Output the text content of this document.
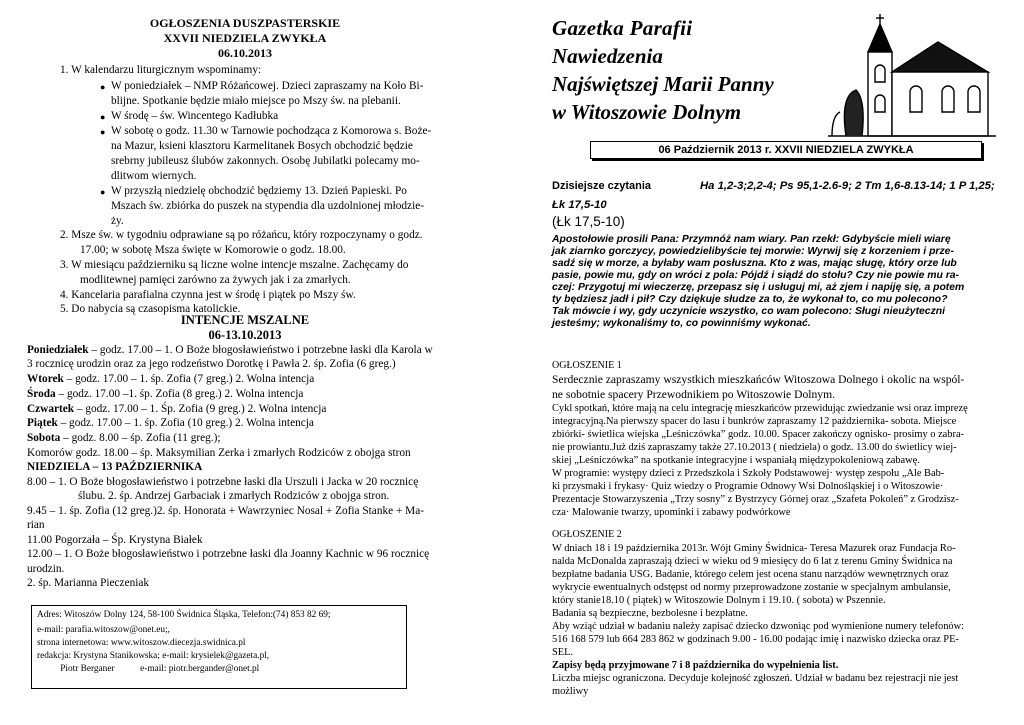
OGŁOSZENIA DUSZPASTERSKIE
XXVII NIEDZIELA ZWYKŁA
06.10.2013
1. W kalendarzu liturgicznym wspominamy:
● W poniedziałek – NMP Różańcowej. Dzieci zapraszamy na Koło Bi-
blijne. Spotkanie będzie miało miejsce po Mszy św. na plebanii.
● W środę – św. Wincentego Kadłubka
● W sobotę o godz. 11.30 w Tarnowie pochodząca z Komorowa s. Boże-
na Mazur, ksieni klasztoru Karmelitanek Bosych obchodzić będzie
srebrny jubileusz ślubów zakonnych. Osobę Jubilatki polecamy mo-
dlitwom wiernych.
● W przyszłą niedzielę obchodzić będziemy 13. Dzień Papieski. Po
Mszach św. zbiórka do puszek na stypendia dla uzdolnionej młodzie-
ży.
2. Msze św. w tygodniu odprawiane są po różańcu, który rozpoczynamy o godz.
17.00; w sobotę Msza święte w Komorowie o godz. 18.00.
3. W miesiącu październiku są liczne wolne intencje mszalne. Zachęcamy do
modlitewnej pamięci zarówno za żywych jak i za zmarłych.
4. Kancelaria parafialna czynna jest w środę i piątek po Mszy św.
5. Do nabycia są czasopisma katolickie.
INTENCJE MSZALNE
06-13.10.2013
Poniedziałek – godz. 17.00 – 1. O Boże błogosławieństwo i potrzebne łaski dla Karola w
3 rocznicę urodzin oraz za jego rodzeństwo Dorotkę i Pawła 2. śp. Zofia (6 greg.)
Wtorek – godz. 17.00 – 1. śp. Zofia (7 greg.) 2. Wolna intencja
Środa – godz. 17.00 –1. śp. Zofia (8 greg.) 2. Wolna intencja
Czwartek – godz. 17.00 – 1. Śp. Zofia (9 greg.) 2. Wolna intencja
Piątek – godz. 17.00 – 1. śp. Zofia (10 greg.) 2. Wolna intencja
Sobota – godz. 8.00 – śp. Zofia (11 greg.);
Komorów godz. 18.00 – śp. Maksymilian Zerka i zmarłych Rodziców z obojga stron
NIEDZIELA – 13 PAŹDZIERNIKA
8.00 – 1. O Boże błogosławieństwo i potrzebne łaski dla Urszuli i Jacka w 20 rocznicę
ślubu. 2. śp. Andrzej Garbaciak i zmarłych Rodziców z obojga stron.
9.45 – 1. śp. Zofia (12 greg.)2. śp. Honorata + Wawrzyniec Nosal + Zofia Stanke + Ma-
rian
11.00 Pogorzała – Śp. Krystyna Białek
12.00 – 1. O Boże błogosławieństwo i potrzebne łaski dla Joanny Kachnic w 96 rocznicę
urodzin.
2. śp. Marianna Pieczeniak
Adres: Witoszów Dolny 124, 58-100 Świdnica Śląska, Telefon:(74) 853 82 69;
e-mail: parafia.witoszow@onet.eu;,
strona internetowa: www.witoszow.diecezja.swidnica.pl
redakcja: Krystyna Stanikowska; e-mail: krysielek@gazeta.pl,
Piotr Berganer           e-mail: piotr.bergander@onet.pl
Gazetka Parafii
Nawiedzenia
Najświętszej Marii Panny
w Witoszowie Dolnym
06 Październik 2013 r. XXVII NIEDZIELA ZWYKŁA
Dzisiejsze czytania	Ha 1,2-3;2,2-4; Ps 95,1-2.6-9; 2 Tm 1,6-8.13-14; 1 P 1,25;
Łk 17,5-10
(Łk 17,5-10)
Apostołowie prosili Pana: Przymnóż nam wiary. Pan rzekł: Gdybyście mieli wiarę
jak ziarnko gorczycy, powiedzielibyście tej morwie: Wyrwij się z korzeniem i prze-
sadź się w morze, a byłaby wam posłuszna. Kto z was, mając sługę, który orze lub
pasie, powie mu, gdy on wróci z pola: Pójdź i siądź do stołu? Czy nie powie mu ra-
czej: Przygotuj mi wieczerzę, przepasz się i usługuj mi, aż zjem i napiję się, a potem
ty będziesz jadł i pił? Czy dziękuje słudze za to, że wykonał to, co mu polecono?
Tak mówcie i wy, gdy uczynicie wszystko, co wam polecono: Sługi nieużyteczni
jesteśmy; wykonaliśmy to, co powinniśmy wykonać.
OGŁOSZENIE 1
Serdecznie zapraszamy wszystkich mieszkańców Witoszowa Dolnego i okolic na wspól-
ne sobotnie spacery Przewodnikiem po Witoszowie Dolnym.
Cykl spotkań, które mają na celu integrację mieszkańców przewidując zwiedzanie wsi oraz imprezę
integracyjną.Na pierwszy spacer do lasu i bunkrów zapraszamy 12 października- sobota. Miejsce
zbiórki- świetlica wiejska „Leśniczówka” godz. 10.00. Spacer zakończy ognisko- prosimy o zabra-
nie prowiantu.Już dziś zapraszamy także 27.10.2013 ( niedziela) o godz. 13.00 do świetlicy wiej-
skiej „Leśniczówka” na spotkanie integracyjne i wspaniałą międzypokoleniową zabawę.
W programie: występy dzieci z Przedszkola i Szkoły Podstawowej· występ zespołu „Ale Bab-
ki przysmaki i frykasy· Quiz wiedzy o Programie Odnowy Wsi Dolnośląskiej i o Witoszowie·
Prezentacje Stowarzyszenia „Trzy sosny” z Bystrzycy Górnej oraz „Szafeta Pokoleń” z Grodzisz-
cza· Malowanie twarzy, upominki i zabawy podwórkowe
OGŁOSZENIE 2
W dniach 18 i 19 października 2013r. Wójt Gminy Świdnica- Teresa Mazurek oraz Fundacja Ro-
nalda McDonalda zapraszają dzieci w wieku od 9 miesięcy do 6 lat z terenu Gminy Świdnica na
bezpłatne badania USG. Badanie, którego celem jest ocena stanu narządów wewnętrznych oraz
wykrycie ewentualnych odstępst od normy przeprowadzone zostanie w specjalnym ambulansie,
który stanie18.10 ( piątek) w Witoszowie Dolnym i 19.10. ( sobota) w Pszennie.
Badania są bezpieczne, bezbolesne i bezpłatne.
Aby wziąć udział w badaniu należy zapisać dziecko dzwoniąc pod wymienione numery telefonów:
516 168 579 lub 664 283 862 w godzinach 9.00 - 16.00 podając imię i nazwisko dziecka oraz PE-
SEL.
Zapisy będą przyjmowane 7 i 8 października do wypełnienia list.
Liczba miejsc ograniczona. Decyduje kolejność zgłoszeń. Udział w badanu bez rejestracji nie jest
możliwy
